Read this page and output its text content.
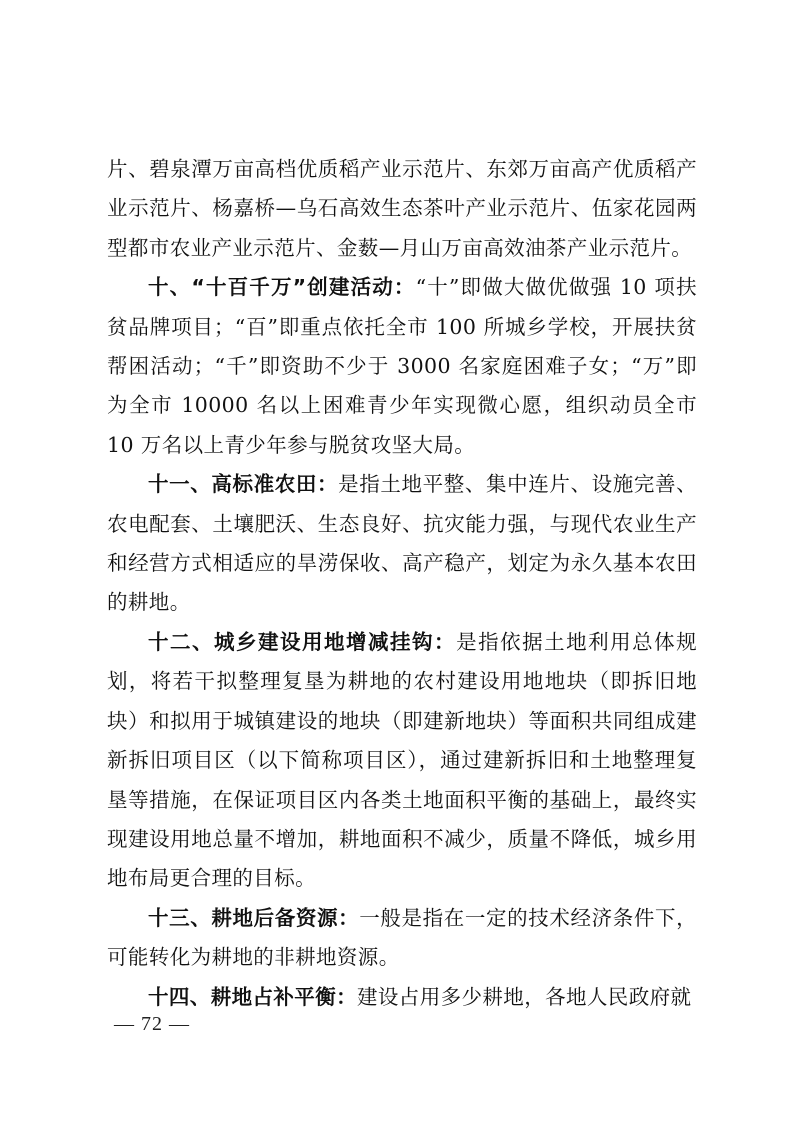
片、碧泉潭万亩高档优质稻产业示范片、东郊万亩高产优质稻产业示范片、杨嘉桥—乌石高效生态茶叶产业示范片、伍家花园两型都市农业产业示范片、金薮—月山万亩高效油茶产业示范片。

十、“十百千万”创建活动：“十”即做大做优做强 10 项扶贫品牌项目；“百”即重点依托全市 100 所城乡学校，开展扶贫帮困活动；“千”即资助不少于 3000 名家庭困难子女；“万”即为全市 10000 名以上困难青少年实现微心愿，组织动员全市 10 万名以上青少年参与脱贫攻坚大局。

十一、高标准农田：是指土地平整、集中连片、设施完善、农电配套、土壤肥沃、生态良好、抗灾能力强，与现代农业生产和经营方式相适应的旱涝保收、高产稳产，划定为永久基本农田的耕地。

十二、城乡建设用地增减挂钩：是指依据土地利用总体规划，将若干拟整理复垦为耕地的农村建设用地地块（即拆旧地块）和拟用于城镇建设的地块（即建新地块）等面积共同组成建新拆旧项目区（以下简称项目区），通过建新拆旧和土地整理复垦等措施，在保证项目区内各类土地面积平衡的基础上，最终实现建设用地总量不增加，耕地面积不减少，质量不降低，城乡用地布局更合理的目标。

十三、耕地后备资源：一般是指在一定的技术经济条件下，可能转化为耕地的非耕地资源。

十四、耕地占补平衡：建设占用多少耕地，各地人民政府就

— 72 —
